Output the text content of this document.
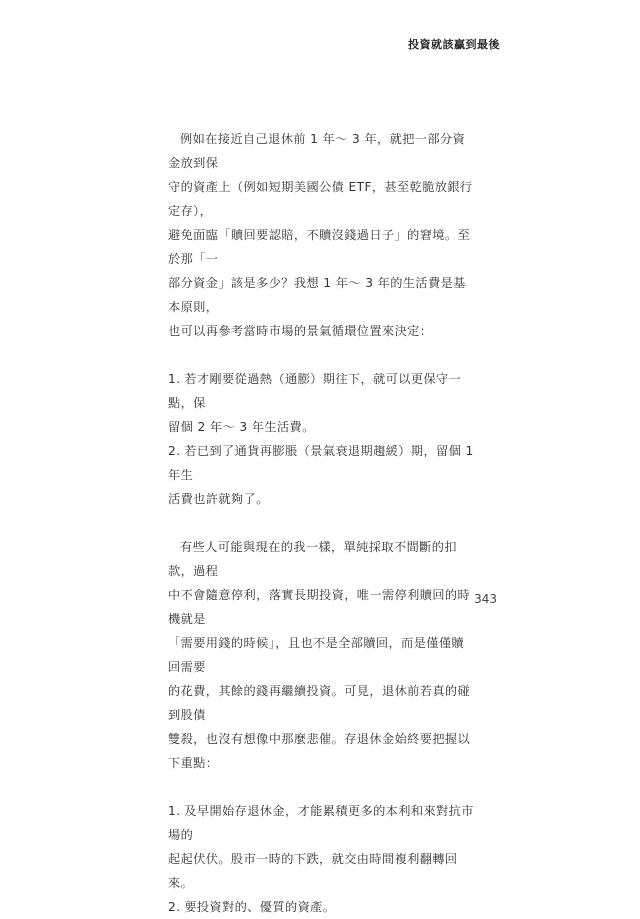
投資就該贏到最後

例如在接近自己退休前 1 年～ 3 年，就把一部分資金放到保
守的資產上（例如短期美國公債 ETF，甚至乾脆放銀行定存），
避免面臨「贖回要認賠，不贖沒錢過日子」的窘境。至於那「一
部分資金」該是多少？我想 1 年～ 3 年的生活費是基本原則，
也可以再參考當時市場的景氣循環位置來決定：

1. 若才剛要從過熱（通膨）期往下，就可以更保守一點，保
留個 2 年～ 3 年生活費。
2. 若已到了通貨再膨脹（景氣衰退期趨緩）期，留個 1 年生
活費也許就夠了。

有些人可能與現在的我一樣，單純採取不間斷的扣款，過程
中不會隨意停利，落實長期投資，唯一需停利贖回的時機就是
「需要用錢的時候」，且也不是全部贖回，而是僅僅贖回需要
的花費，其餘的錢再繼續投資。可見，退休前若真的碰到股債
雙殺，也沒有想像中那麼悲催。存退休金始終要把握以下重點：

1. 及早開始存退休金，才能累積更多的本利和來對抗市場的
起起伏伏。股市一時的下跌，就交由時間複利翻轉回來。
2. 要投資對的、優質的資產。
343
